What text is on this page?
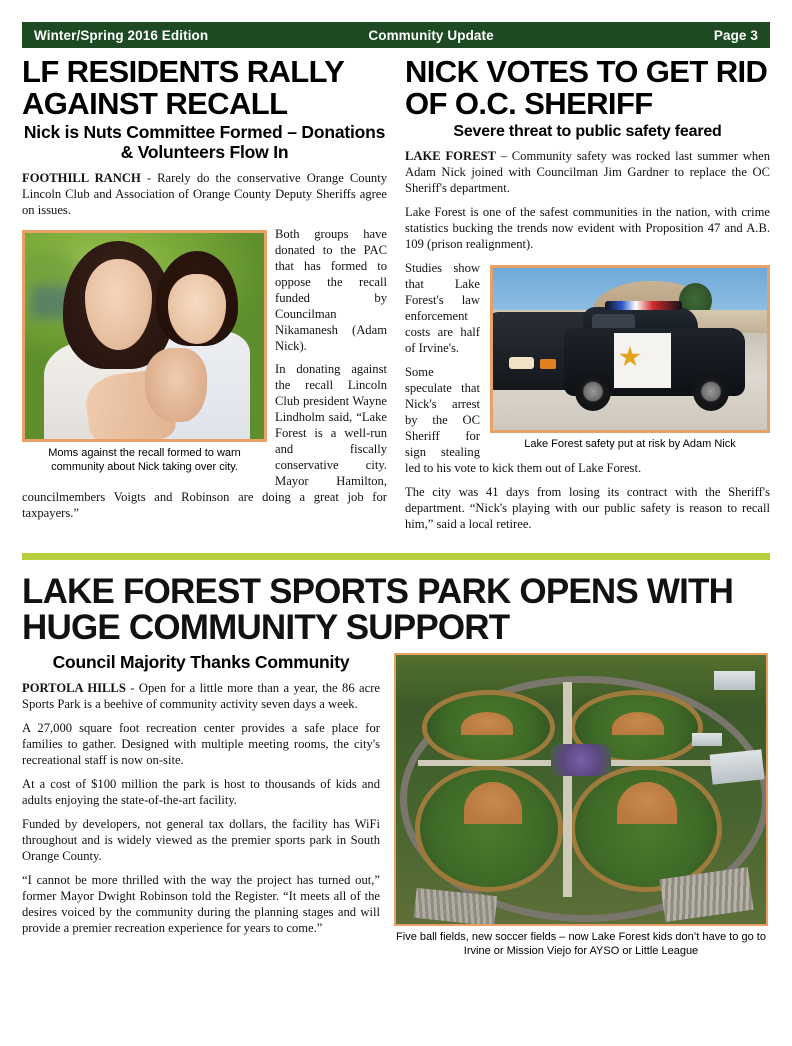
Winter/Spring 2016 Edition	Community Update	Page 3
LF RESIDENTS RALLY AGAINST RECALL
Nick is Nuts Committee Formed – Donations & Volunteers Flow In

FOOTHILL RANCH - Rarely do the conservative Orange County Lincoln Club and Association of Orange County Deputy Sheriffs agree on issues.

Moms against the recall formed to warn community about Nick taking over city.

Both groups have donated to the PAC that has formed to oppose the recall funded by Councilman Nikamanesh (Adam Nick).

In donating against the recall Lincoln Club president Wayne Lindholm said, “Lake Forest is a well-run and fiscally conservative city. Mayor Hamilton, councilmembers Voigts and Robinson are doing a great job for taxpayers.”

NICK VOTES TO GET RID OF O.C. SHERIFF
Severe threat to public safety feared

LAKE FOREST – Community safety was rocked last summer when Adam Nick joined with Councilman Jim Gardner to replace the OC Sheriff's department.

Lake Forest is one of the safest communities in the nation, with crime statistics bucking the trends now evident with Proposition 47 and A.B. 109 (prison realignment).

Lake Forest safety put at risk by Adam Nick

Studies show that Lake Forest's law enforcement costs are half of Irvine's.

Some speculate that Nick's arrest by the OC Sheriff for sign stealing led to his vote to kick them out of Lake Forest.

The city was 41 days from losing its contract with the Sheriff's department. “Nick's playing with our public safety is reason to recall him,” said a local retiree.

LAKE FOREST SPORTS PARK OPENS WITH HUGE COMMUNITY SUPPORT
Council Majority Thanks Community

PORTOLA HILLS - Open for a little more than a year, the 86 acre Sports Park is a beehive of community activity seven days a week.

A 27,000 square foot recreation center provides a safe place for families to gather. Designed with multiple meeting rooms, the city's recreational staff is now on-site.

At a cost of $100 million the park is host to thousands of kids and adults enjoying the state-of-the-art facility.

Funded by developers, not general tax dollars, the facility has WiFi throughout and is widely viewed as the premier sports park in South Orange County.

“I cannot be more thrilled with the way the project has turned out,” former Mayor Dwight Robinson told the Register. “It meets all of the desires voiced by the community during the planning stages and will provide a premier recreation experience for years to come.”

Five ball fields, new soccer fields – now Lake Forest kids don’t have to go to Irvine or Mission Viejo for AYSO or Little League
